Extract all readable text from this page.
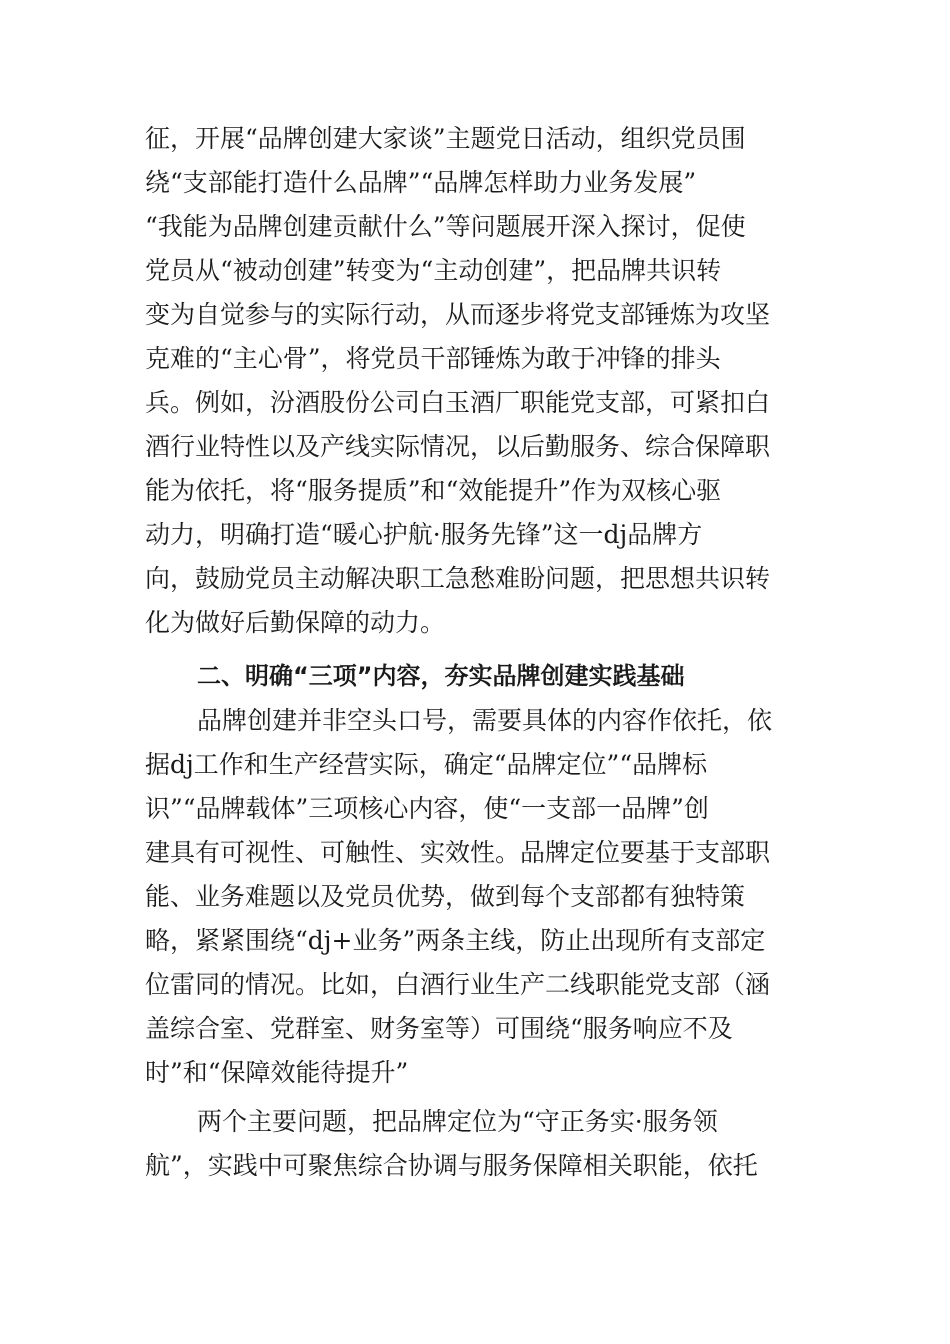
征，开展“品牌创建大家谈”主题党日活动，组织党员围
绕“支部能打造什么品牌”“品牌怎样助力业务发展”
“我能为品牌创建贡献什么”等问题展开深入探讨，促使
党员从“被动创建”转变为“主动创建”，把品牌共识转
变为自觉参与的实际行动，从而逐步将党支部锤炼为攻坚
克难的“主心骨”，将党员干部锤炼为敢于冲锋的排头
兵。例如，汾酒股份公司白玉酒厂职能党支部，可紧扣白
酒行业特性以及产线实际情况，以后勤服务、综合保障职
能为依托，将“服务提质”和“效能提升”作为双核心驱
动力，明确打造“暖心护航·服务先锋”这一dj品牌方
向，鼓励党员主动解决职工急愁难盼问题，把思想共识转
化为做好后勤保障的动力。
二、明确“三项”内容，夯实品牌创建实践基础
品牌创建并非空头口号，需要具体的内容作依托，依
据dj工作和生产经营实际，确定“品牌定位”“品牌标
识”“品牌载体”三项核心内容，使“一支部一品牌”创
建具有可视性、可触性、实效性。品牌定位要基于支部职
能、业务难题以及党员优势，做到每个支部都有独特策
略，紧紧围绕“dj+业务”两条主线，防止出现所有支部定
位雷同的情况。比如，白酒行业生产二线职能党支部（涵
盖综合室、党群室、财务室等）可围绕“服务响应不及
时”和“保障效能待提升”
两个主要问题，把品牌定位为“守正务实·服务领
航”，实践中可聚焦综合协调与服务保障相关职能，依托
